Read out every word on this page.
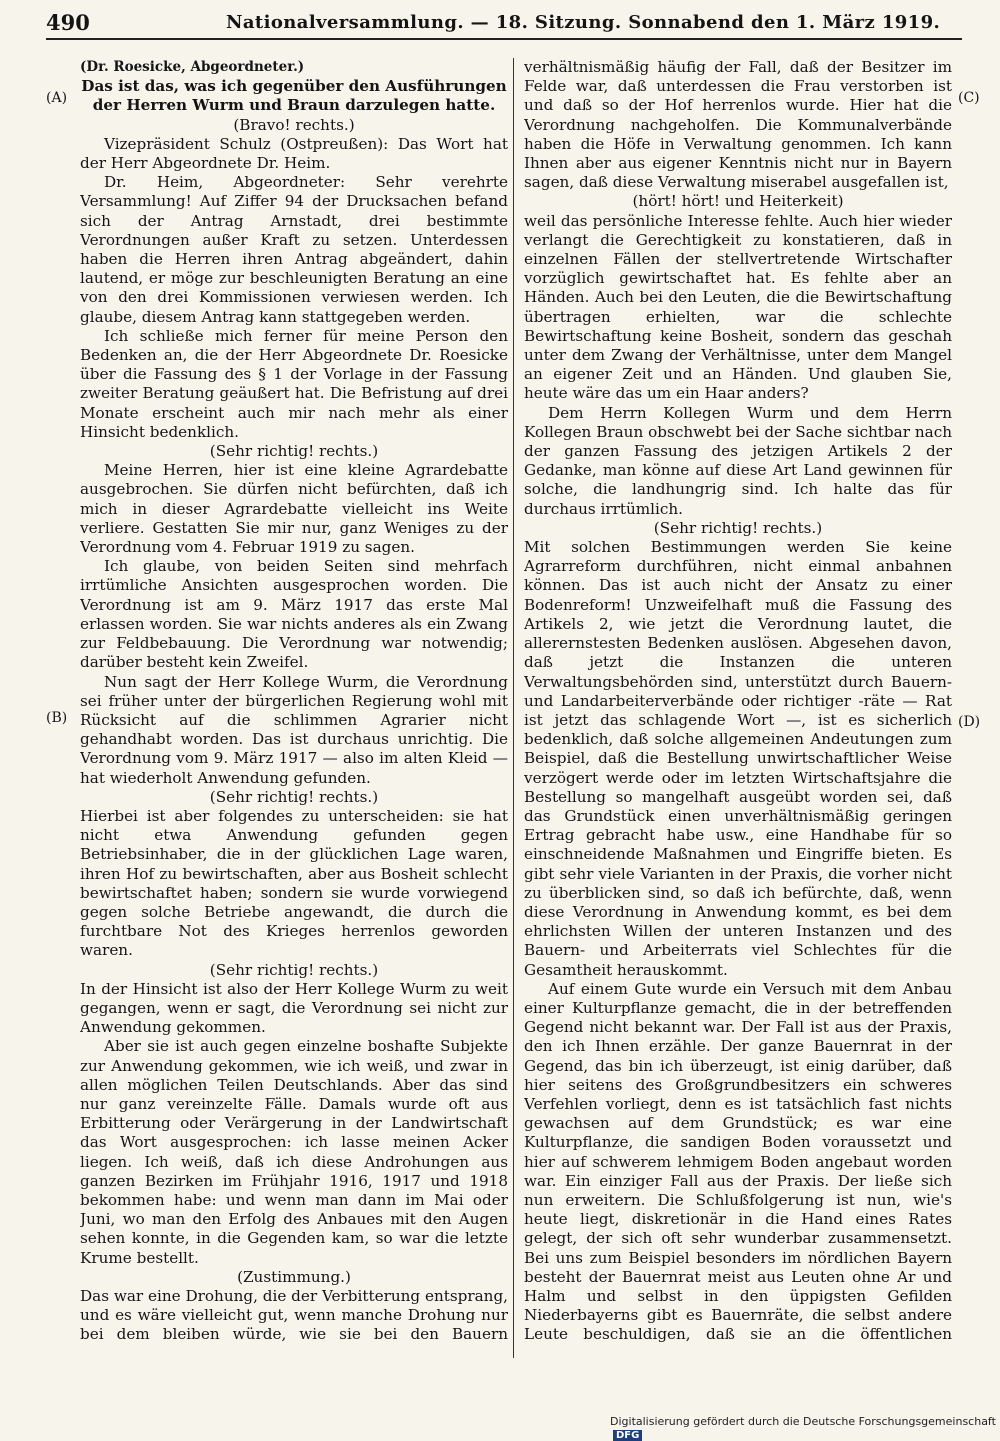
490	Nationalversammlung. — 18. Sitzung. Sonnabend den 1. März 1919.
(A)
(B)
(C)
(D)

(Dr. Roesicke, Abgeordneter.)

Das ist das, was ich gegenüber den Ausführungen der Herren Wurm und Braun darzulegen hatte.

(Bravo! rechts.)

Vizepräsident Schulz (Ostpreußen): Das Wort hat der Herr Abgeordnete Dr. Heim.

Dr. Heim, Abgeordneter: Sehr verehrte Versammlung! Auf Ziffer 94 der Drucksachen befand sich der Antrag Arnstadt, drei bestimmte Verordnungen außer Kraft zu setzen. Unterdessen haben die Herren ihren Antrag abgeändert, dahin lautend, er möge zur beschleunigten Beratung an eine von den drei Kommissionen verwiesen werden. Ich glaube, diesem Antrag kann stattgegeben werden.

Ich schließe mich ferner für meine Person den Bedenken an, die der Herr Abgeordnete Dr. Roesicke über die Fassung des § 1 der Vorlage in der Fassung zweiter Beratung geäußert hat. Die Befristung auf drei Monate erscheint auch mir nach mehr als einer Hinsicht bedenklich.

(Sehr richtig! rechts.)

Meine Herren, hier ist eine kleine Agrardebatte ausgebrochen. Sie dürfen nicht befürchten, daß ich mich in dieser Agrardebatte vielleicht ins Weite verliere. Gestatten Sie mir nur, ganz Weniges zu der Verordnung vom 4. Februar 1919 zu sagen.

Ich glaube, von beiden Seiten sind mehrfach irrtümliche Ansichten ausgesprochen worden. Die Verordnung ist am 9. März 1917 das erste Mal erlassen worden. Sie war nichts anderes als ein Zwang zur Feldbebauung. Die Verordnung war notwendig; darüber besteht kein Zweifel.

Nun sagt der Herr Kollege Wurm, die Verordnung sei früher unter der bürgerlichen Regierung wohl mit Rücksicht auf die schlimmen Agrarier nicht gehandhabt worden. Das ist durchaus unrichtig. Die Verordnung vom 9. März 1917 — also im alten Kleid — hat wiederholt Anwendung gefunden.

(Sehr richtig! rechts.)

Hierbei ist aber folgendes zu unterscheiden: sie hat nicht etwa Anwendung gefunden gegen Betriebsinhaber, die in der glücklichen Lage waren, ihren Hof zu bewirtschaften, aber aus Bosheit schlecht bewirtschaftet haben; sondern sie wurde vorwiegend gegen solche Betriebe angewandt, die durch die furchtbare Not des Krieges herrenlos geworden waren.

(Sehr richtig! rechts.)

In der Hinsicht ist also der Herr Kollege Wurm zu weit gegangen, wenn er sagt, die Verordnung sei nicht zur Anwendung gekommen.

Aber sie ist auch gegen einzelne boshafte Subjekte zur Anwendung gekommen, wie ich weiß, und zwar in allen möglichen Teilen Deutschlands. Aber das sind nur ganz vereinzelte Fälle. Damals wurde oft aus Erbitterung oder Verärgerung in der Landwirtschaft das Wort ausgesprochen: ich lasse meinen Acker liegen. Ich weiß, daß ich diese Androhungen aus ganzen Bezirken im Frühjahr 1916, 1917 und 1918 bekommen habe: und wenn man dann im Mai oder Juni, wo man den Erfolg des Anbaues mit den Augen sehen konnte, in die Gegenden kam, so war die letzte Krume bestellt.

(Zustimmung.)

Das war eine Drohung, die der Verbitterung entsprang, und es wäre vielleicht gut, wenn manche Drohung nur bei dem bleiben würde, wie sie bei den Bauern

verhältnismäßig häufig der Fall, daß der Besitzer im Felde war, daß unterdessen die Frau verstorben ist und daß so der Hof herrenlos wurde. Hier hat die Verordnung nachgeholfen. Die Kommunalverbände haben die Höfe in Verwaltung genommen. Ich kann Ihnen aber aus eigener Kenntnis nicht nur in Bayern sagen, daß diese Verwaltung miserabel ausgefallen ist,

(hört! hört! und Heiterkeit)

weil das persönliche Interesse fehlte. Auch hier wieder verlangt die Gerechtigkeit zu konstatieren, daß in einzelnen Fällen der stellvertretende Wirtschafter vorzüglich gewirtschaftet hat. Es fehlte aber an Händen. Auch bei den Leuten, die die Bewirtschaftung übertragen erhielten, war die schlechte Bewirtschaftung keine Bosheit, sondern das geschah unter dem Zwang der Verhältnisse, unter dem Mangel an eigener Zeit und an Händen. Und glauben Sie, heute wäre das um ein Haar anders?

Dem Herrn Kollegen Wurm und dem Herrn Kollegen Braun obschwebt bei der Sache sichtbar nach der ganzen Fassung des jetzigen Artikels 2 der Gedanke, man könne auf diese Art Land gewinnen für solche, die landhungrig sind. Ich halte das für durchaus irrtümlich.

(Sehr richtig! rechts.)

Mit solchen Bestimmungen werden Sie keine Agrarreform durchführen, nicht einmal anbahnen können. Das ist auch nicht der Ansatz zu einer Bodenreform! Unzweifelhaft muß die Fassung des Artikels 2, wie jetzt die Verordnung lautet, die allerernstesten Bedenken auslösen. Abgesehen davon, daß jetzt die Instanzen die unteren Verwaltungsbehörden sind, unterstützt durch Bauern- und Landarbeiterverbände oder richtiger -räte — Rat ist jetzt das schlagende Wort —, ist es sicherlich bedenklich, daß solche allgemeinen Andeutungen zum Beispiel, daß die Bestellung unwirtschaftlicher Weise verzögert werde oder im letzten Wirtschaftsjahre die Bestellung so mangelhaft ausgeübt worden sei, daß das Grundstück einen unverhältnismäßig geringen Ertrag gebracht habe usw., eine Handhabe für so einschneidende Maßnahmen und Eingriffe bieten. Es gibt sehr viele Varianten in der Praxis, die vorher nicht zu überblicken sind, so daß ich befürchte, daß, wenn diese Verordnung in Anwendung kommt, es bei dem ehrlichsten Willen der unteren Instanzen und des Bauern- und Arbeiterrats viel Schlechtes für die Gesamtheit herauskommt.

Auf einem Gute wurde ein Versuch mit dem Anbau einer Kulturpflanze gemacht, die in der betreffenden Gegend nicht bekannt war. Der Fall ist aus der Praxis, den ich Ihnen erzähle. Der ganze Bauernrat in der Gegend, das bin ich überzeugt, ist einig darüber, daß hier seitens des Großgrundbesitzers ein schweres Verfehlen vorliegt, denn es ist tatsächlich fast nichts gewachsen auf dem Grundstück; es war eine Kulturpflanze, die sandigen Boden voraussetzt und hier auf schwerem lehmigem Boden angebaut worden war. Ein einziger Fall aus der Praxis. Der ließe sich nun erweitern. Die Schlußfolgerung ist nun, wie's heute liegt, diskretionär in die Hand eines Rates gelegt, der sich oft sehr wunderbar zusammensetzt. Bei uns zum Beispiel besonders im nördlichen Bayern besteht der Bauernrat meist aus Leuten ohne Ar und Halm und selbst in den üppigsten Gefilden Niederbayerns gibt es Bauernräte, die selbst andere Leute beschuldigen, daß sie an die öffentlichen

Digitalisierung gefördert durch die Deutsche Forschungsgemeinschaft DFG
